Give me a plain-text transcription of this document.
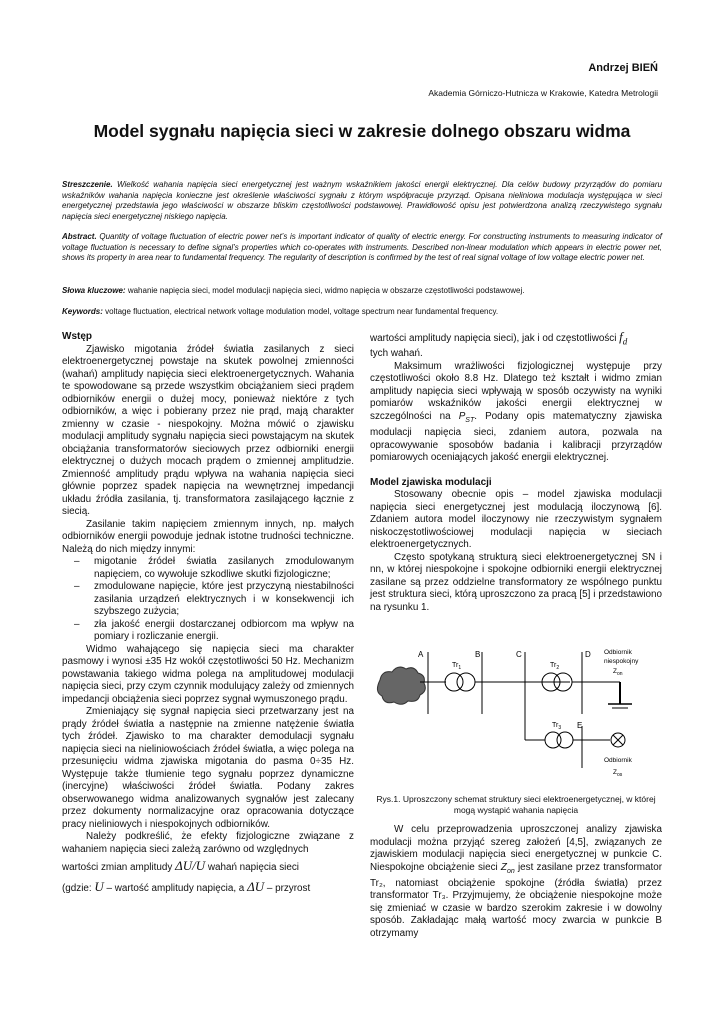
Andrzej BIEŃ
Akademia Górniczo-Hutnicza w Krakowie, Katedra Metrologii
Model sygnału napięcia sieci w zakresie dolnego obszaru widma
Streszczenie. Wielkość wahania napięcia sieci energetycznej jest ważnym wskaźnikiem jakości energii elektrycznej. Dla celów budowy przyrządów do pomiaru wskaźników wahania napięcia konieczne jest określenie właściwości sygnału z którym współpracuje przyrząd. Opisana nieliniowa modulacja występująca w sieci energetycznej przedstawia jego właściwości w obszarze bliskim częstotliwości podstawowej. Prawidłowość opisu jest potwierdzona analizą rzeczywistego sygnału napięcia sieci energetycznej niskiego napięcia.
Abstract. Quantity of voltage fluctuation of electric power net’s is important indicator of quality of electric energy. For constructing instruments to measuring indicator of voltage fluctuation is necessary to define signal’s properties which co-operates with instruments. Described non-linear modulation which appears in electric power net, shows its property in area near to fundamental frequency. The regularity of description is confirmed by the test of real signal voltage of low voltage electric power net.
Słowa kluczowe: wahanie napięcia sieci, model modulacji napięcia sieci, widmo napięcia w obszarze częstotliwości podstawowej.
Keywords: voltage fluctuation, electrical network voltage modulation model, voltage spectrum near fundamental frequency.
Wstęp

Zjawisko migotania źródeł światła zasilanych z sieci elektroenergetycznej powstaje na skutek powolnej zmienności (wahań) amplitudy napięcia sieci elektroenergetycznych. Wahania te spowodowane są przede wszystkim obciążaniem sieci prądem odbiorników energii o dużej mocy, ponieważ niektóre z tych odbiorników, a więc i pobierany przez nie prąd, mają charakter zmienny w czasie - niespokojny. Można mówić o zjawisku modulacji amplitudy sygnału napięcia sieci powstającym na skutek obciążania transformatorów sieciowych przez odbiorniki energii elektrycznej o dużych mocach prądem o zmiennej amplitudzie. Zmienność amplitudy prądu wpływa na wahania napięcia sieci głównie poprzez spadek napięcia na wewnętrznej impedancji układu źródła zasilania, tj. transformatora zasilającego łącznie z siecią.

Zasilanie takim napięciem zmiennym innych, np. małych odbiorników energii powoduje jednak istotne trudności techniczne. Należą do nich między innymi:

– migotanie źródeł światła zasilanych zmodulowanym napięciem, co wywołuje szkodliwe skutki fizjologiczne;
– zmodulowane napięcie, które jest przyczyną niestabilności zasilania urządzeń elektrycznych i w konsekwencji ich szybszego zużycia;
– zła jakość energii dostarczanej odbiorcom ma wpływ na pomiary i rozliczanie energii.

Widmo wahającego się napięcia sieci ma charakter pasmowy i wynosi ±35 Hz wokół częstotliwości 50 Hz. Mechanizm powstawania takiego widma polega na amplitudowej modulacji napięcia sieci, przy czym czynnik modulujący zależy od zmiennych impedancji obciążenia sieci poprzez sygnał wymuszonego prądu.

Zmieniający się sygnał napięcia sieci przetwarzany jest na prądy źródeł światła a następnie na zmienne natężenie światła tych źródeł. Zjawisko to ma charakter demodulacji sygnału napięcia sieci na nieliniowościach źródeł światła, a więc polega na przesunięciu widma zjawiska migotania do pasma 0÷35 Hz. Występuje także tłumienie tego sygnału poprzez dynamiczne (inercyjne) właściwości źródeł światła. Podany zakres obserwowanego widma analizowanych sygnałów jest zalecany przez dokumenty normalizacyjne oraz opracowania dotyczące pracy nieliniowych i niespokojnych odbiorników.

Należy podkreślić, że efekty fizjologiczne związane z wahaniem napięcia sieci zależą zarówno od względnych

wartości zmian amplitudy ΔU/U wahań napięcia sieci

(gdzie: U – wartość amplitudy napięcia, a ΔU – przyrost

wartości amplitudy napięcia sieci), jak i od częstotliwości $f_d$
tych wahań.

Maksimum wrażliwości fizjologicznej występuje przy częstotliwości około 8.8 Hz. Dlatego też kształt i widmo zmian amplitudy napięcia sieci wpływają w sposób oczywisty na wyniki pomiarów wskaźników jakości energii elektrycznej w szczególności na $P_{ST}$. Podany opis matematyczny zjawiska modulacji napięcia sieci, zdaniem autora, pozwala na opracowywanie sposobów badania i kalibracji przyrządów pomiarowych oceniających jakość energii elektrycznej.

Model zjawiska modulacji

Stosowany obecnie opis – model zjawiska modulacji napięcia sieci energetycznej jest modulacją iloczynową [6]. Zdaniem autora model iloczynowy nie rzeczywistym sygnałem niskoczęstotliwościowej modulacji napięcia w sieciach elektroenergetycznych.

Często spotykaną strukturą sieci elektroenergetycznej SN i nn, w której niespokojne i spokojne odbiorniki energii elektrycznej zasilane są przez oddzielne transformatory ze wspólnego punktu jest struktura sieci, którą uproszczono za pracą [5] i przedstawiono na rysunku 1.

A	B	C	D
E
$Tr_1$	$Tr_2$
$Tr_3$
Odbiornik
niespokojny
$Z_{on}$
Odbiornik
$Z_{os}$
Rys.1. Uproszczony schemat struktury sieci elektroenergetycznej, w której mogą wystąpić wahania napięcia

W celu przeprowadzenia uproszczonej analizy zjawiska modulacji można przyjąć szereg założeń [4,5], związanych ze zjawiskiem modulacji napięcia sieci energetycznej w punkcie C. Niespokojne obciążenie sieci $Z_{on}$ jest zasilane przez transformator Tr₂, natomiast obciążenie spokojne (źródła światła) przez transformator Tr₃. Przyjmujemy, że obciążenie niespokojne może się zmieniać w czasie w bardzo szerokim zakresie i w dowolny sposób. Zakładając małą wartość mocy zwarcia w punkcie B otrzymamy
